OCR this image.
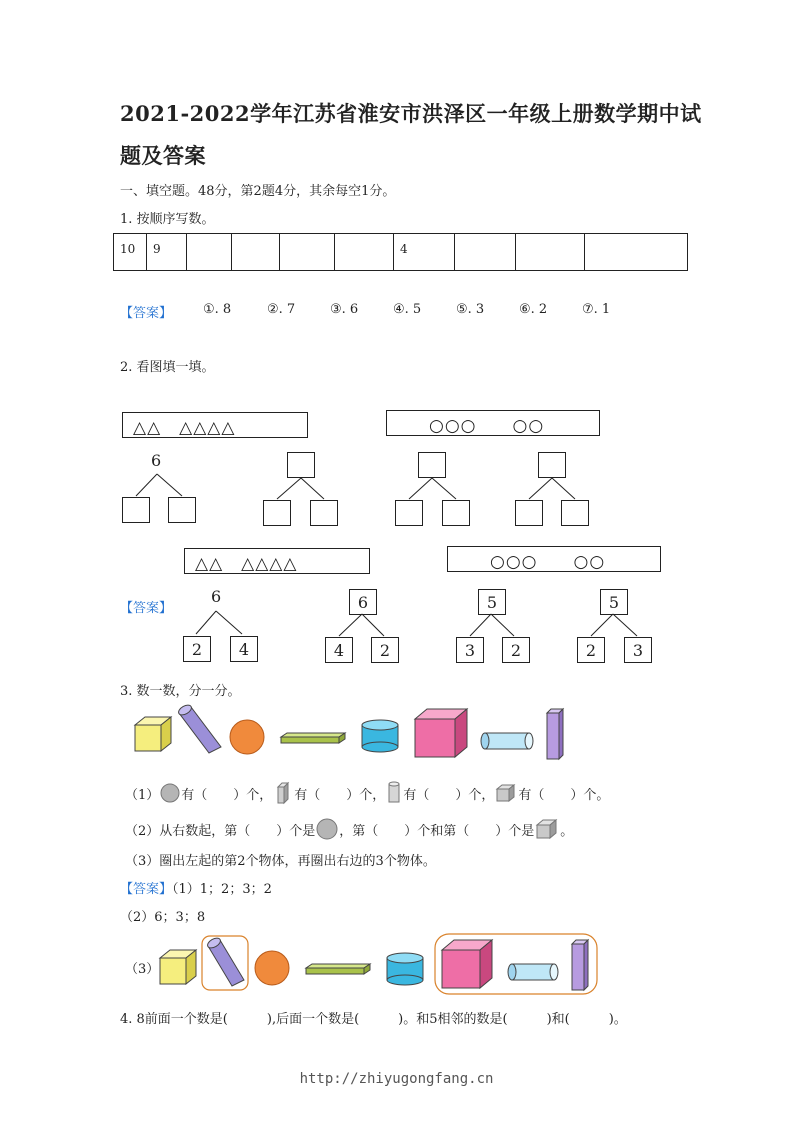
2021-2022学年江苏省淮安市洪泽区一年级上册数学期中试
题及答案
一、填空题。48分，第2题4分，其余每空1分。
1. 按顺序写数。
10	9					4			
【答案】 ①. 8	②. 7	③. 6	④. 5	⑤. 3	⑥. 2	⑦. 1
2. 看图填一填。
△△　△△△△	○○○　　○○
6
△△　△△△△	○○○　　○○
【答案】
6
2	4
6
4	2
5
3	2
5
2	3
3. 数一数，分一分。
（1） 有（　　）个， 有（　　）个， 有（　　）个， 有（　　）个。
（2）从右数起，第（　　）个是 ，第（　　）个和第（　　）个是 。
（3）圈出左起的第2个物体，再圈出右边的3个物体。
【答案】（1）1；2；3；2
（2）6；3；8
（3）
4. 8前面一个数是(　　　),后面一个数是(　　　)。和5相邻的数是(　　　)和(　　　)。
http://zhiyugongfang.cn
